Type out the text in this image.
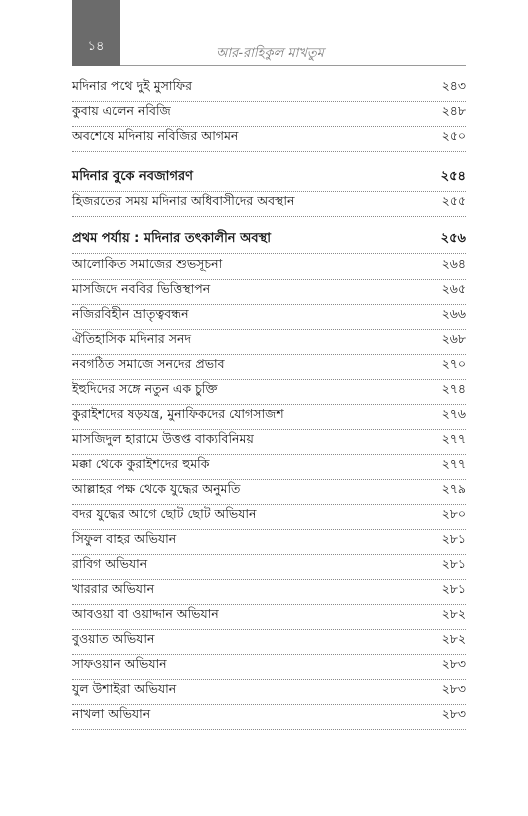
১৪	আর-রাহিকুল মাখতুম
মদিনার পথে দুই মুসাফির	২৪৩
কুবায় এলেন নবিজি	২৪৮
অবশেষে মদিনায় নবিজির আগমন	২৫০
মদিনার বুকে নবজাগরণ	২৫৪
হিজরতের সময় মদিনার অধিবাসীদের অবস্থান	২৫৫
প্রথম পর্যায় : মদিনার তৎকালীন অবস্থা	২৫৬
আলোকিত সমাজের শুভসূচনা	২৬৪
মাসজিদে নববির ভিত্তিস্থাপন	২৬৫
নজিরবিহীন ভ্রাতৃত্ববন্ধন	২৬৬
ঐতিহাসিক মদিনার সনদ	২৬৮
নবগঠিত সমাজে সনদের প্রভাব	২৭০
ইহুদিদের সঙ্গে নতুন এক চুক্তি	২৭৪
কুরাইশদের ষড়যন্ত্র, মুনাফিকদের যোগসাজশ	২৭৬
মাসজিদুল হারামে উত্তপ্ত বাক্যবিনিময়	২৭৭
মক্কা থেকে কুরাইশদের হুমকি	২৭৭
আল্লাহর পক্ষ থেকে যুদ্ধের অনুমতি	২৭৯
বদর যুদ্ধের আগে ছোট ছোট অভিযান	২৮০
সিফুল বাহর অভিযান	২৮১
রাবিগ অভিযান	২৮১
খাররার অভিযান	২৮১
আবওয়া বা ওয়াদ্দান অভিযান	২৮২
বুওয়াত অভিযান	২৮২
সাফওয়ান অভিযান	২৮৩
যুল উশাইরা অভিযান	২৮৩
নাখলা অভিযান	২৮৩
